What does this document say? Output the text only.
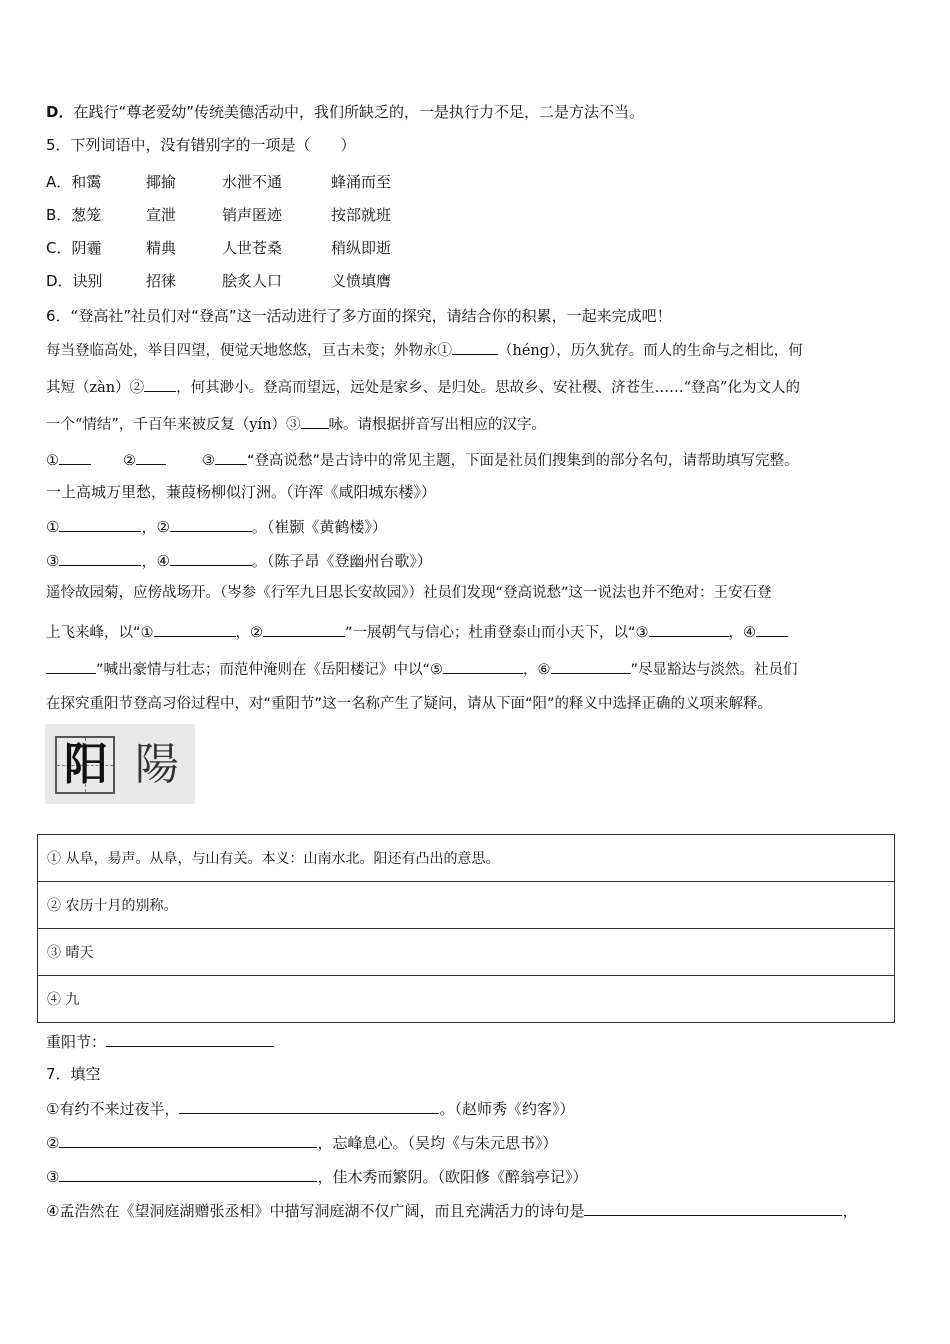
D．在践行“尊老爱幼”传统美德活动中，我们所缺乏的，一是执行力不足，二是方法不当。
5．下列词语中，没有错别字的一项是（　　）
A．和霭	揶揄	水泄不通	蜂涌而至
B．葱笼	宣泄	销声匿迹	按部就班
C．阴霾	精典	人世苍桑	稍纵即逝
D．诀别	招徕	脍炙人口	义愤填膺
6．“登高社”社员们对“登高”这一活动进行了多方面的探究，请结合你的积累，一起来完成吧！
每当登临高处，举目四望，便觉天地悠悠，亘古未变；外物永①	（héng），历久犹存。而人的生命与之相比，何
其短（zàn）② ，何其渺小。登高而望远，远处是家乡、是归处。思故乡、安社稷、济苍生……“登高”化为文人的
一个“情结”，千百年来被反复（yín）③ 咏。请根据拼音写出相应的汉字。
①	②	③ “登高说愁”是古诗中的常见主题，下面是社员们搜集到的部分名句，请帮助填写完整。
一上高城万里愁，蒹葭杨柳似汀洲。（许浑《咸阳城东楼》）
①	，②	。（崔颢《黄鹤楼》）
③	，④	。（陈子昂《登幽州台歌》）
遥怜故园菊，应傍战场开。（岑参《行军九日思长安故园》）社员们发现“登高说愁”这一说法也并不绝对：王安石登
上飞来峰，以“①	，②	”一展朝气与信心；杜甫登泰山而小天下，以“③	，④
”喊出豪情与壮志；而范仲淹则在《岳阳楼记》中以“⑤	，⑥	”尽显豁达与淡然。社员们
在探究重阳节登高习俗过程中，对“重阳节”这一名称产生了疑问，请从下面“阳”的释义中选择正确的义项来解释。
阳 陽
① 从阜，昜声。从阜，与山有关。本义：山南水北。阳还有凸出的意思。
② 农历十月的别称。
③ 晴天
④ 九
重阳节：
7．填空
①有约不来过夜半，	。（赵师秀《约客》）
②	，忘峰息心。（吴均《与朱元思书》）
③	，佳木秀而繁阴。（欧阳修《醉翁亭记》）
④孟浩然在《望洞庭湖赠张丞相》中描写洞庭湖不仅广阔，而且充满活力的诗句是	，
